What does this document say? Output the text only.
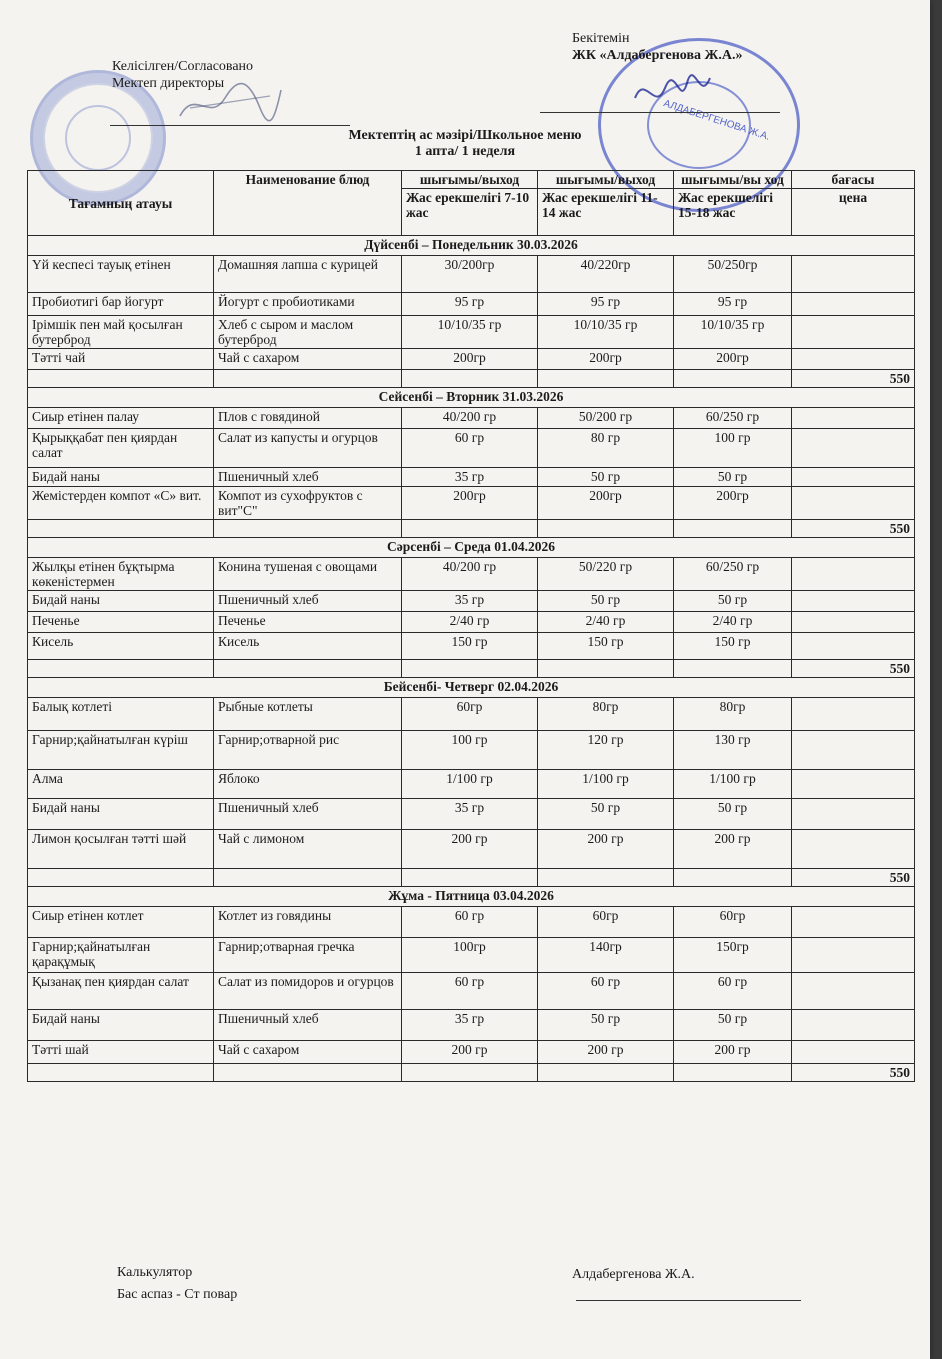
АЛДАБЕРГЕНОВА Ж.А.
Келісілген/Согласовано
Мектеп директоры
Бекітемін
ЖК «Алдабергенова Ж.А.»
Мектептің ас мәзірі/Школьное меню
1 апта/ 1 неделя
Тағамның атауы	Наименование блюд	шығымы/выход	шығымы/выход	шығымы/вы ход	бағасы
		Жас ерекшелігі 7-10 жас	Жас ерекшелігі 11-14 жас	Жас ерекшелігі 15-18 жас	цена
Дүйсенбі – Понедельник 30.03.2026					
Үй кеспесі тауық етінен	Домашняя лапша с курицей	30/200гр	40/220гр	50/250гр	
Пробиотигі бар йогурт	Йогурт с пробиотиками	95 гр	95 гр	95 гр	
Ірімшік пен май қосылған бутерброд	Хлеб с сыром и маслом бутерброд	10/10/35 гр	10/10/35 гр	10/10/35 гр	
Тәтті чай	Чай с сахаром	200гр	200гр	200гр	
					550
Сейсенбі – Вторник 31.03.2026					
Сиыр етінен палау	Плов с говядиной	40/200 гр	50/200 гр	60/250 гр	
Қырыққабат пен қиярдан салат	Салат из капусты и огурцов	60 гр	80 гр	100 гр	
Бидай наны	Пшеничный хлеб	35 гр	50 гр	50 гр	
Жемістерден компот «С» вит.	Компот из сухофруктов с вит"С"	200гр	200гр	200гр	
					550
Сәрсенбі – Среда 01.04.2026					
Жылқы етінен бұқтырма көкеністермен	Конина тушеная с овощами	40/200 гр	50/220 гр	60/250 гр	
Бидай наны	Пшеничный хлеб	35 гр	50 гр	50 гр	
Печенье	Печенье	2/40 гр	2/40 гр	2/40 гр	
Кисель	Кисель	150 гр	150 гр	150 гр	
					550
Бейсенбі- Четверг 02.04.2026					
Балық котлеті	Рыбные котлеты	60гр	80гр	80гр	
Гарнир;қайнатылған күріш	Гарнир;отварной рис	100 гр	120 гр	130 гр	
Алма	Яблоко	1/100 гр	1/100 гр	1/100 гр	
Бидай наны	Пшеничный хлеб	35 гр	50 гр	50 гр	
Лимон қосылған тәтті шәй	Чай с лимоном	200 гр	200 гр	200 гр	
					550
Жұма - Пятница 03.04.2026					
Сиыр етінен котлет	Котлет из говядины	60 гр	60гр	60гр	
Гарнир;қайнатылған қарақұмық	Гарнир;отварная гречка	100гр	140гр	150гр	
Қызанақ пен қиярдан салат	Салат из помидоров и огурцов	60 гр	60 гр	60 гр	
Бидай наны	Пшеничный хлеб	35 гр	50 гр	50 гр	
Тәтті шай	Чай с сахаром	200 гр	200 гр	200 гр	
					550
Калькулятор
Бас аспаз - Ст повар
Алдабергенова Ж.А.
